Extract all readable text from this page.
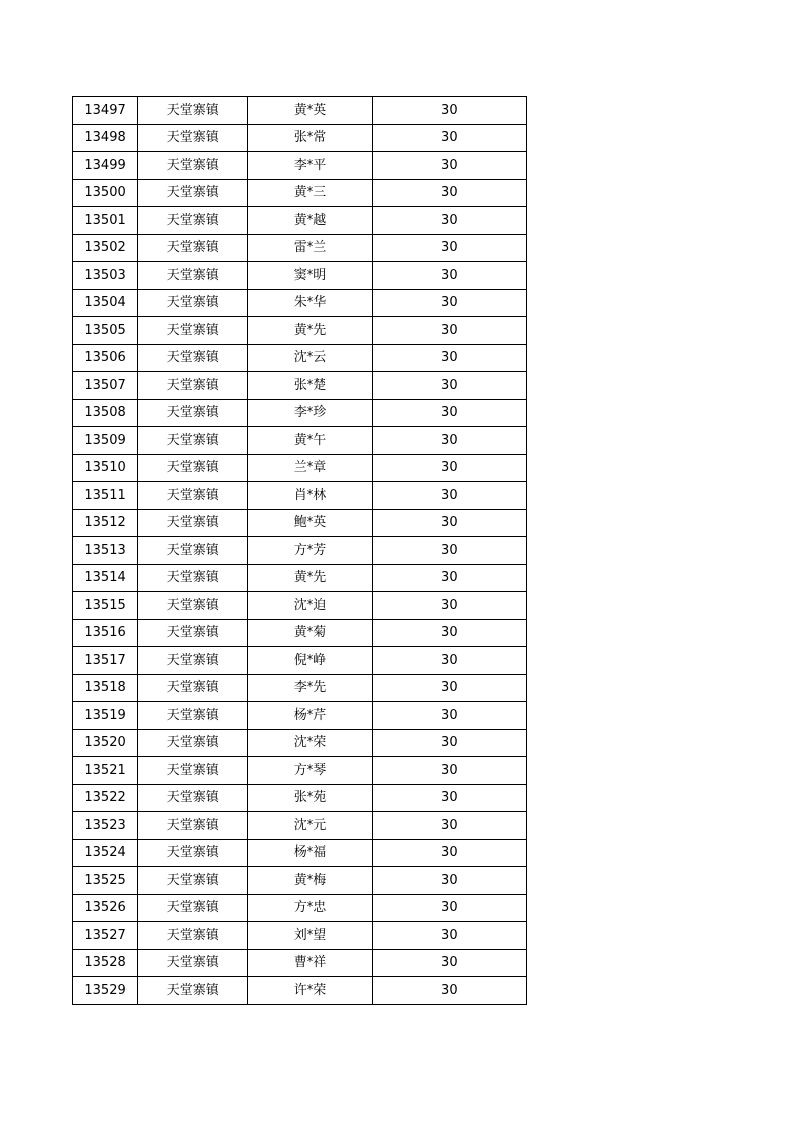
13497	天堂寨镇	黄*英	30
13498	天堂寨镇	张*常	30
13499	天堂寨镇	李*平	30
13500	天堂寨镇	黄*三	30
13501	天堂寨镇	黄*越	30
13502	天堂寨镇	雷*兰	30
13503	天堂寨镇	窦*明	30
13504	天堂寨镇	朱*华	30
13505	天堂寨镇	黄*先	30
13506	天堂寨镇	沈*云	30
13507	天堂寨镇	张*楚	30
13508	天堂寨镇	李*珍	30
13509	天堂寨镇	黄*午	30
13510	天堂寨镇	兰*章	30
13511	天堂寨镇	肖*林	30
13512	天堂寨镇	鲍*英	30
13513	天堂寨镇	方*芳	30
13514	天堂寨镇	黄*先	30
13515	天堂寨镇	沈*迫	30
13516	天堂寨镇	黄*菊	30
13517	天堂寨镇	倪*峥	30
13518	天堂寨镇	李*先	30
13519	天堂寨镇	杨*芹	30
13520	天堂寨镇	沈*荣	30
13521	天堂寨镇	方*琴	30
13522	天堂寨镇	张*苑	30
13523	天堂寨镇	沈*元	30
13524	天堂寨镇	杨*福	30
13525	天堂寨镇	黄*梅	30
13526	天堂寨镇	方*忠	30
13527	天堂寨镇	刘*望	30
13528	天堂寨镇	曹*祥	30
13529	天堂寨镇	许*荣	30
